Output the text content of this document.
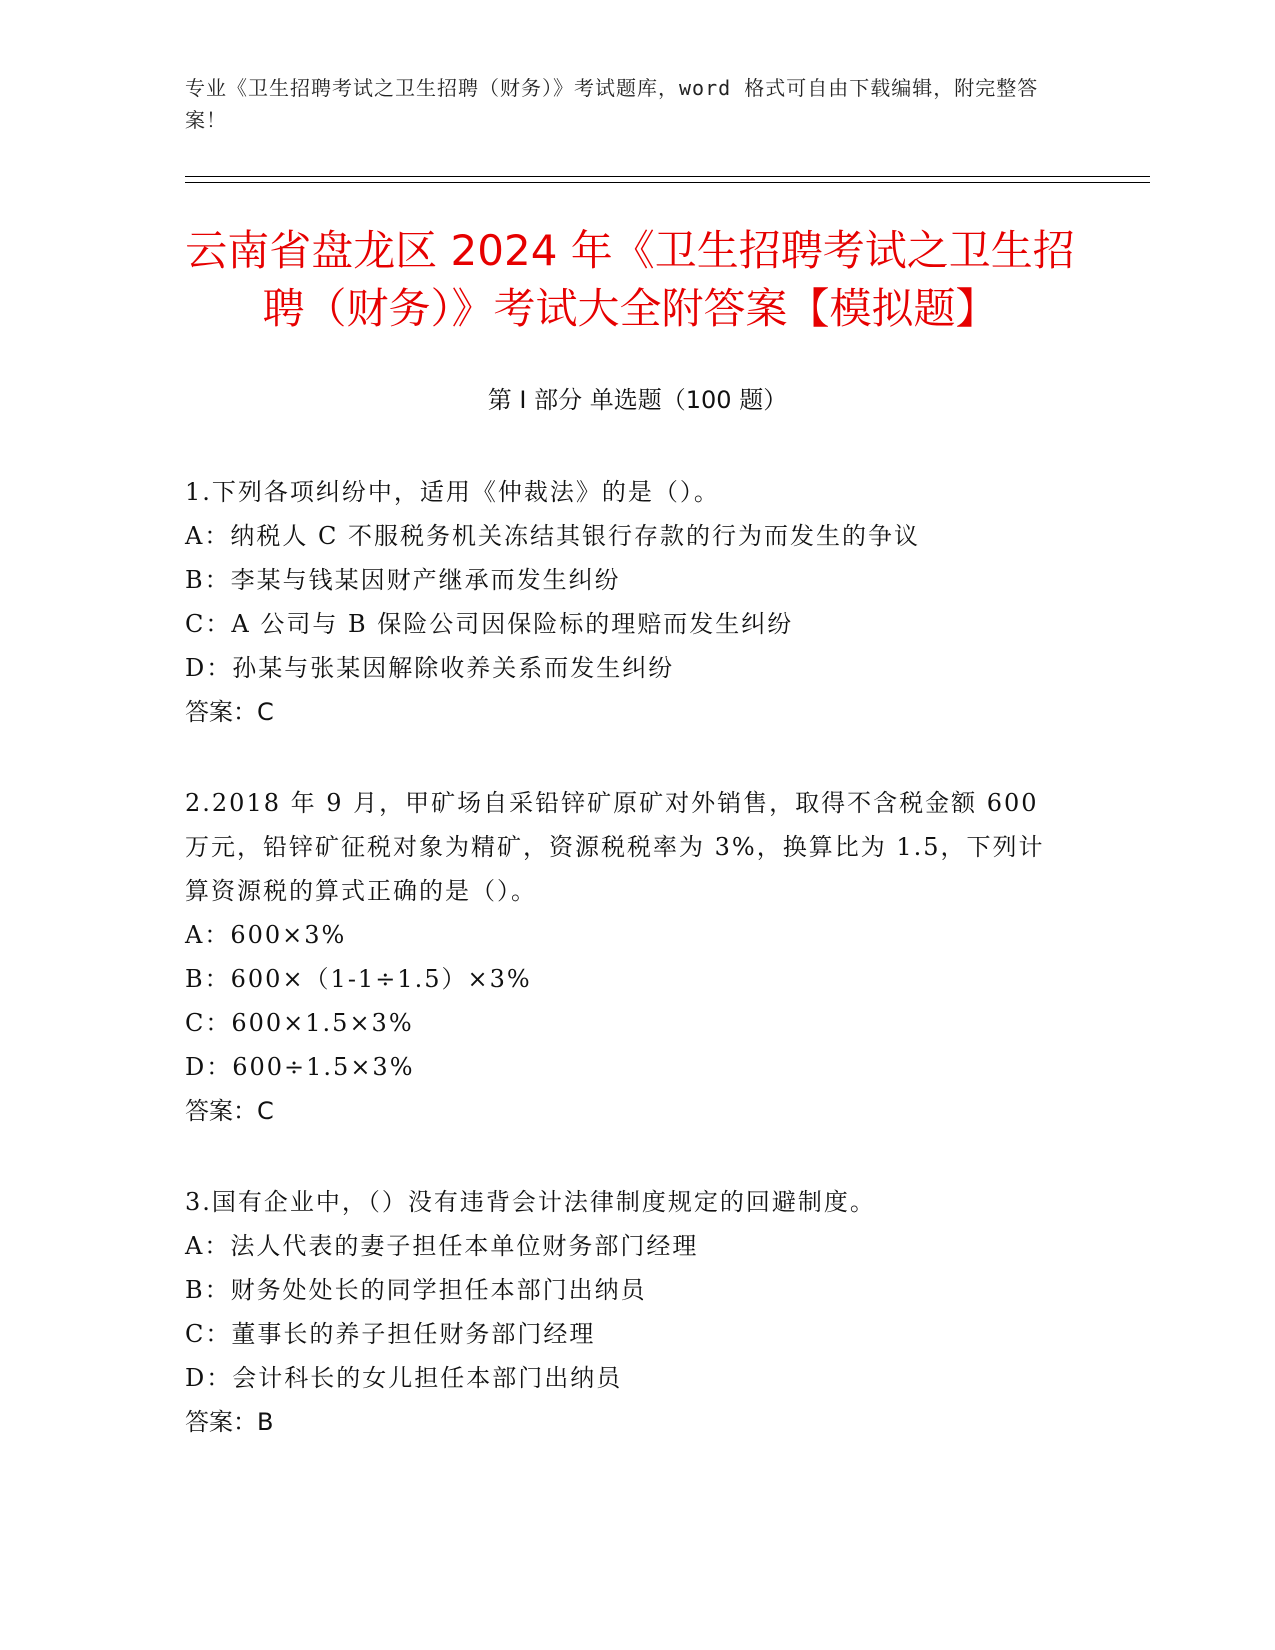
专业《卫生招聘考试之卫生招聘（财务）》考试题库，word 格式可自由下载编辑，附完整答案！
云南省盘龙区 2024 年《卫生招聘考试之卫生招聘（财务）》考试大全附答案【模拟题】
第 I 部分 单选题（100 题）

1.下列各项纠纷中，适用《仲裁法》的是（）。

A：纳税人 C 不服税务机关冻结其银行存款的行为而发生的争议

B：李某与钱某因财产继承而发生纠纷

C：A 公司与 B 保险公司因保险标的理赔而发生纠纷

D：孙某与张某因解除收养关系而发生纠纷

答案：C

2.2018 年 9 月，甲矿场自采铅锌矿原矿对外销售，取得不含税金额 600 万元，铅锌矿征税对象为精矿，资源税税率为 3%，换算比为 1.5，下列计算资源税的算式正确的是（）。

A：600×3%

B：600×（1-1÷1.5）×3%

C：600×1.5×3%

D：600÷1.5×3%

答案：C

3.国有企业中，（）没有违背会计法律制度规定的回避制度。

A：法人代表的妻子担任本单位财务部门经理

B：财务处处长的同学担任本部门出纳员

C：董事长的养子担任财务部门经理

D：会计科长的女儿担任本部门出纳员

答案：B
